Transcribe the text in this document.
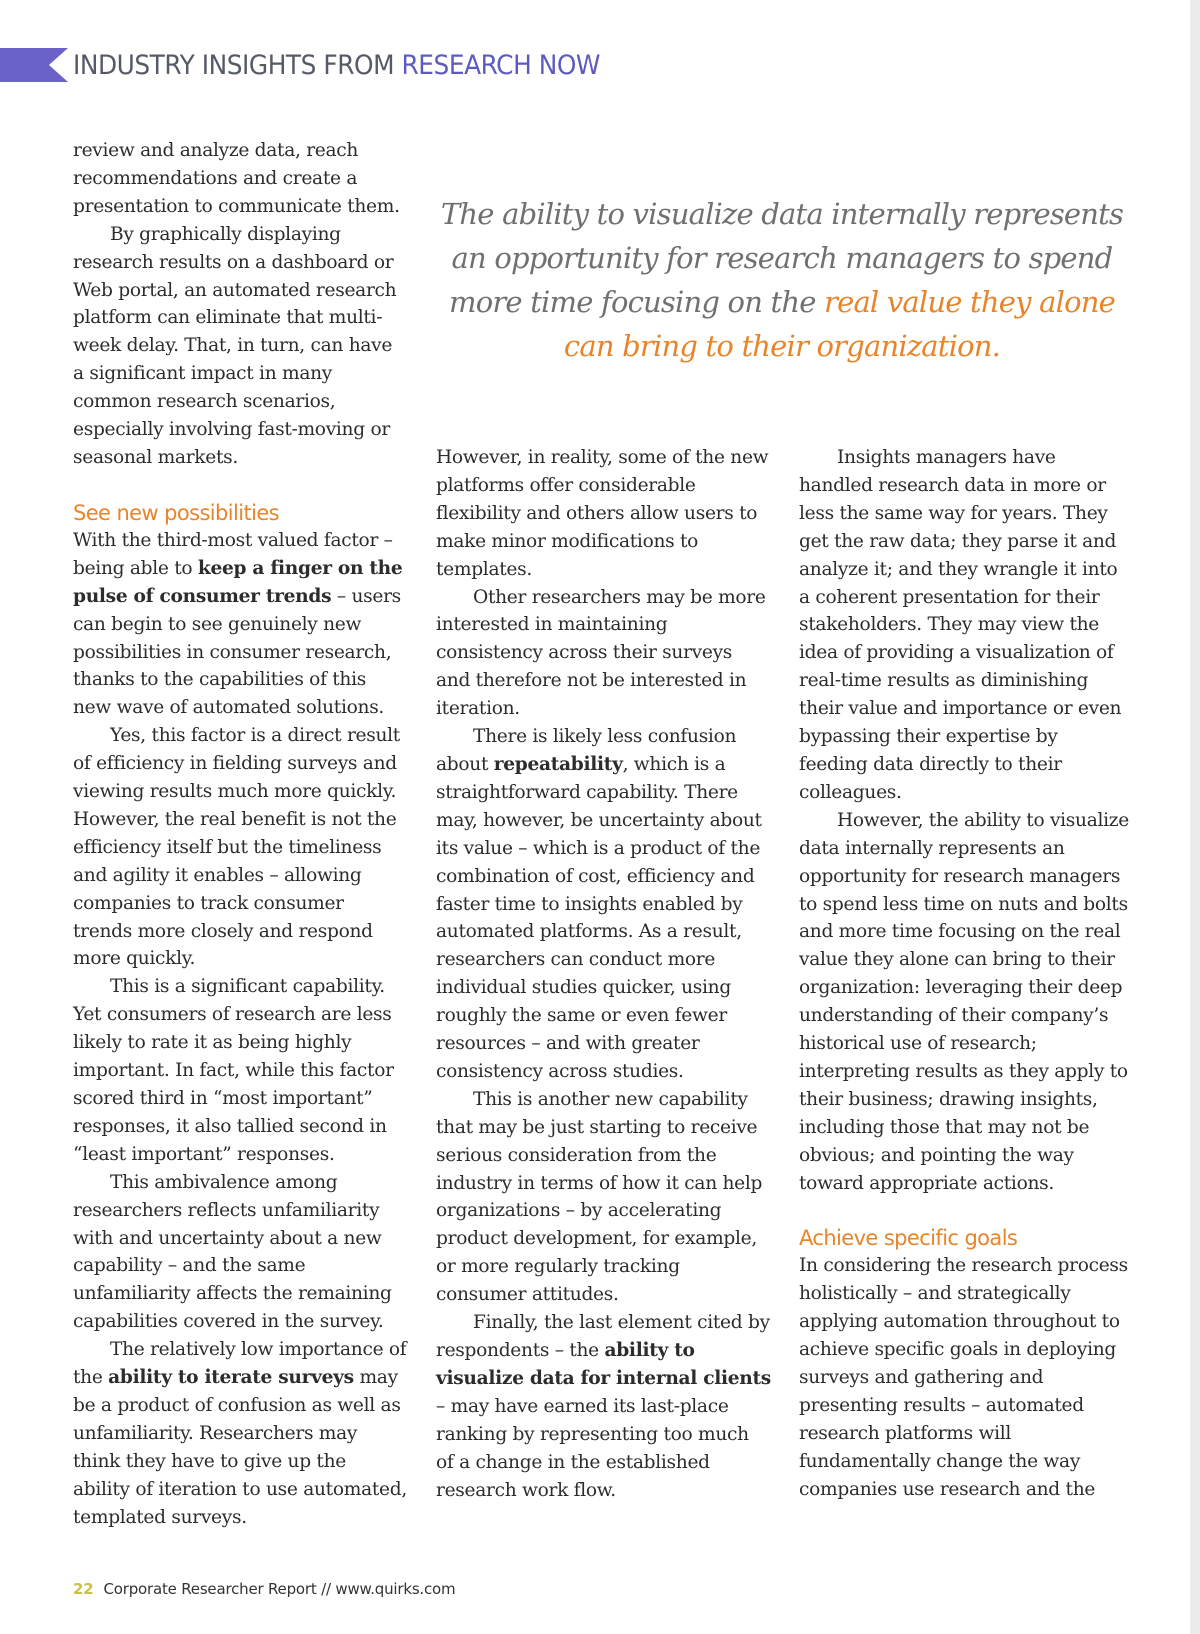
INDUSTRY INSIGHTS FROM RESEARCH NOW
The ability to visualize data internally represents an opportunity for research managers to spend more time focusing on the real value they alone can bring to their organization.

review and analyze data, reach recommendations and create a presentation to communicate them.

By graphically displaying research results on a dashboard or Web portal, an automated research platform can eliminate that multi-week delay. That, in turn, can have a significant impact in many common research scenarios, especially involving fast-moving or seasonal markets.

See new possibilities

With the third-most valued factor – being able to keep a finger on the pulse of consumer trends – users can begin to see genuinely new possibilities in consumer research, thanks to the capabilities of this new wave of automated solutions.

Yes, this factor is a direct result of efficiency in fielding surveys and viewing results much more quickly. However, the real benefit is not the efficiency itself but the timeliness and agility it enables – allowing companies to track consumer trends more closely and respond more quickly.

This is a significant capability. Yet consumers of research are less likely to rate it as being highly important. In fact, while this factor scored third in “most important” responses, it also tallied second in “least important” responses.

This ambivalence among researchers reflects unfamiliarity with and uncertainty about a new capability – and the same unfamiliarity affects the remaining capabilities covered in the survey.

The relatively low importance of the ability to iterate surveys may be a product of confusion as well as unfamiliarity. Researchers may think they have to give up the ability of iteration to use automated, templated surveys.

However, in reality, some of the new platforms offer considerable flexibility and others allow users to make minor modifications to templates.

Other researchers may be more interested in maintaining consistency across their surveys and therefore not be interested in iteration.

There is likely less confusion about repeatability, which is a straightforward capability. There may, however, be uncertainty about its value – which is a product of the combination of cost, efficiency and faster time to insights enabled by automated platforms. As a result, researchers can conduct more individual studies quicker, using roughly the same or even fewer resources – and with greater consistency across studies.

This is another new capability that may be just starting to receive serious consideration from the industry in terms of how it can help organizations – by accelerating product development, for example, or more regularly tracking consumer attitudes.

Finally, the last element cited by respondents – the ability to visualize data for internal clients – may have earned its last-place ranking by representing too much of a change in the established research work flow.

Insights managers have handled research data in more or less the same way for years. They get the raw data; they parse it and analyze it; and they wrangle it into a coherent presentation for their stakeholders. They may view the idea of providing a visualization of real-time results as diminishing their value and importance or even bypassing their expertise by feeding data directly to their colleagues.

However, the ability to visualize data internally represents an opportunity for research managers to spend less time on nuts and bolts and more time focusing on the real value they alone can bring to their organization: leveraging their deep understanding of their company’s historical use of research; interpreting results as they apply to their business; drawing insights, including those that may not be obvious; and pointing the way toward appropriate actions.

Achieve specific goals

In considering the research process holistically – and strategically applying automation throughout to achieve specific goals in deploying surveys and gathering and presenting results – automated research platforms will fundamentally change the way companies use research and the

22 Corporate Researcher Report // www.quirks.com
